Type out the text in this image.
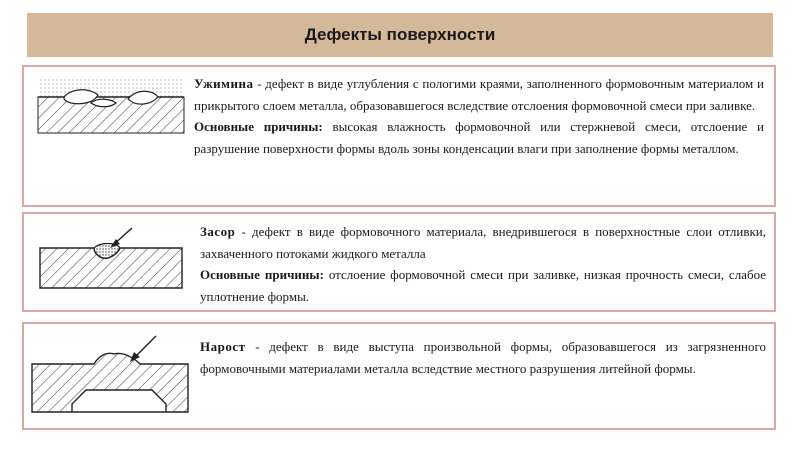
Дефекты поверхности

Ужимина - дефект в виде углубления с пологими краями, заполненного формовочным материалом и прикрытого слоем металла, образовавшегося вследствие отслоения формовочной смеси при заливке.

Основные причины: высокая влажность формовочной или стержневой смеси, отслоение и разрушение поверхности формы вдоль зоны конденсации влаги при заполнение формы металлом.

Засор - дефект в виде формовочного материала, внедрившегося в поверхностные слои отливки, захваченного потоками жидкого металла

Основные причины: отслоение формовочной смеси при заливке, низкая прочность смеси, слабое уплотнение формы.

Нарост - дефект в виде выступа произвольной формы, образовавшегося из загрязненного формовочными материалами металла вследствие местного разрушения литейной формы.
